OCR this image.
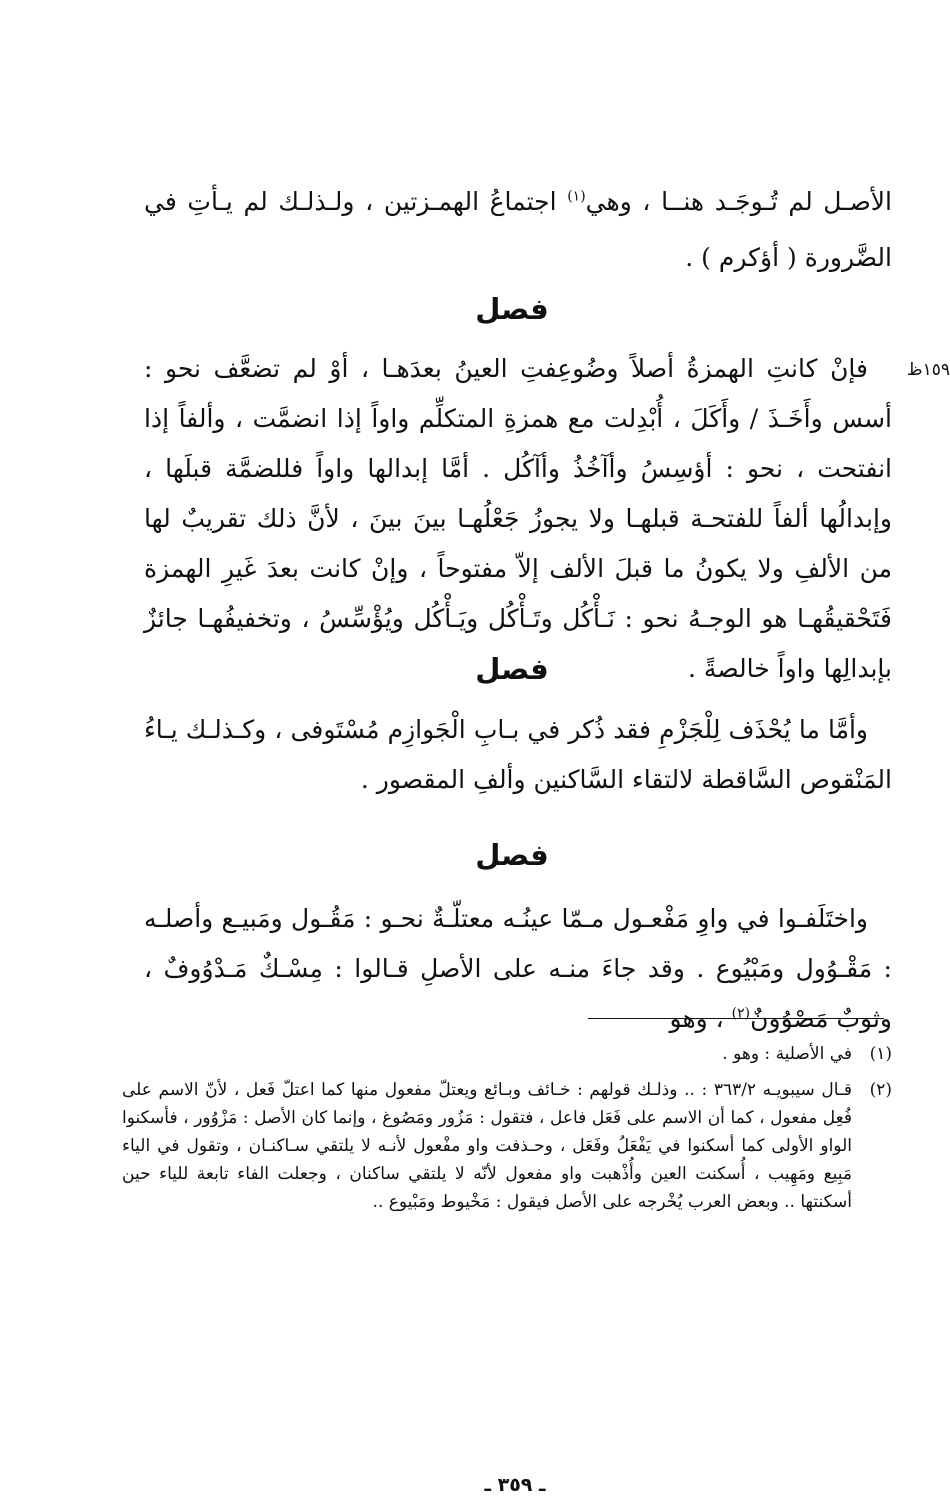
الأصـل لم تُـوجَـد هنــا ، وهي$^{(١)}$ اجتماعُ الهمـزتين ، ولـذلـك لم يـأتِ في الضَّرورة ( أؤكرم ) .

فصل
١٥٩ظ

فإنْ كانتِ الهمزةُ أصلاً وضُوعِفتِ العينُ بعدَهـا ، أوْ لم تضعَّف نحو : أسس وأَخَـذَ / وأَكَلَ ، أُبْدِلت مع همزةِ المتكلِّم واواً إذا انضمَّت ، وألفاً إذا انفتحت ، نحو : أؤسِسُ وأآخُذُ وأآكُل . أمَّا إبدالها واواً فللضمَّة قبلَها ، وإبدالُها ألفاً للفتحـة قبلهـا ولا يجوزُ جَعْلُهـا بينَ بينَ ، لأنَّ ذلك تقريبٌ لها من الألفِ ولا يكونُ ما قبلَ الألف إلاّ مفتوحاً ، وإنْ كانت بعدَ غَيرِ الهمزة فَتَحْقيقُهـا هو الوجـهُ نحو : نَـأْكُل وتَـأْكُل ويَـأْكُل ويُؤْسِّسُ ، وتخفيفُهـا جائزٌ بإبدالِها واواً خالصةً .

فصل

وأمَّا ما يُحْذَف لِلْجَزْمِ فقد ذُكر في بـابِ الْجَوازِم مُسْتَوفى ، وكـذلـك يـاءُ المَنْقوص السَّاقطة لالتقاء السَّاكنين وألفِ المقصور .

فصل

واختَلَفـوا في واوِ مَفْعـول مـمّا عينُـه معتلّـةٌ نحـو : مَقُـول ومَبيـع وأصلـه : مَقْـوُول ومَبْيُوع . وقد جاءَ منـه على الأصلِ قـالوا : مِسْـكٌ مَـدْوُوفٌ ، وثوبٌ مَصْوُونٌ$^{(٢)}$ ، وهو

(١)
في الأصلية : وهو .
(٢)
قـال سيبويـه ٣٦٣/٢ : .. وذلـك قولهم : خـائف وبـائع ويعتلّ مفعول منها كما اعتلّ فَعل ، لأنّ الاسم على فُعِل مفعول ، كما أن الاسم على فَعَل فاعل ، فتقول : مَزُور ومَصُوغ ، وإنما كان الأصل : مَزْوُور ، فأسكنوا الواو الأولى كما أسكنوا في يَفْعَلُ وفَعَل ، وحـذفت واو مفْعول لأنـه لا يلتقي سـاكنـان ، وتقول في الياء مَبِيع ومَهِيب ، أُسكنت العين وأُذْهبت واو مفعول لأنّه لا يلتقي ساكنان ، وجعلت الفاء تابعة للياء حين أسكنتها .. وبعض العرب يُخْرجه على الأصل فيقول : مَخْيوط ومَبْيوع ..
ـ ٣٥٩ ـ
